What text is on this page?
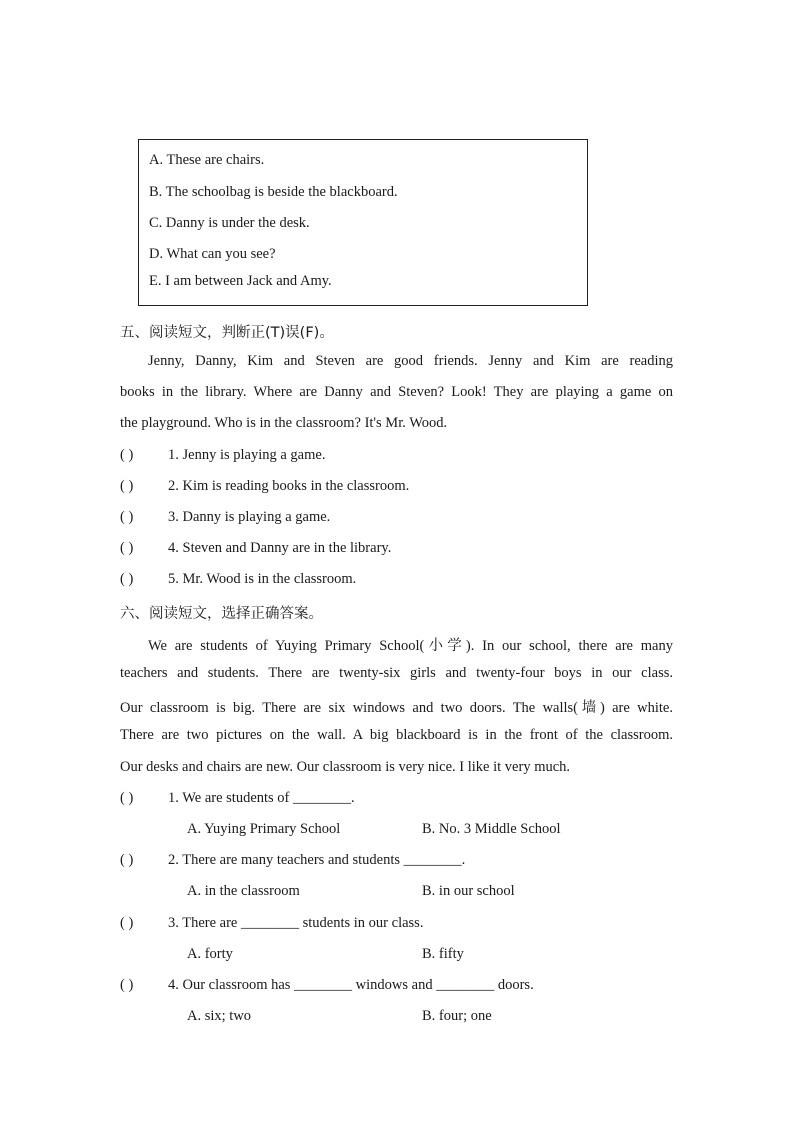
A. These are chairs.
B. The schoolbag is beside the blackboard.
C. Danny is under the desk.
D. What can you see?
E. I am between Jack and Amy.
五、阅读短文，判断正(T)误(F)。
Jenny, Danny, Kim and Steven are good friends. Jenny and Kim are reading
books in the library. Where are Danny and Steven? Look! They are playing a game on
the playground. Who is in the classroom? It's Mr. Wood.
( ) 1. Jenny is playing a game.
( ) 2. Kim is reading books in the classroom.
( ) 3. Danny is playing a game.
( ) 4. Steven and Danny are in the library.
( ) 5. Mr. Wood is in the classroom.
六、阅读短文，选择正确答案。
We are students of Yuying Primary School(小学). In our school, there are many
teachers and students. There are twenty-six girls and twenty-four boys in our class.
Our classroom is big. There are six windows and two doors. The walls(墙) are white.
There are two pictures on the wall. A big blackboard is in the front of the classroom.
Our desks and chairs are new. Our classroom is very nice. I like it very much.
( ) 1. We are students of ________.
A. Yuying Primary School	B. No. 3 Middle School
( ) 2. There are many teachers and students ________.
A. in the classroom	B. in our school
( ) 3. There are ________ students in our class.
A. forty	B. fifty
( ) 4. Our classroom has ________ windows and ________ doors.
A. six; two	B. four; one
